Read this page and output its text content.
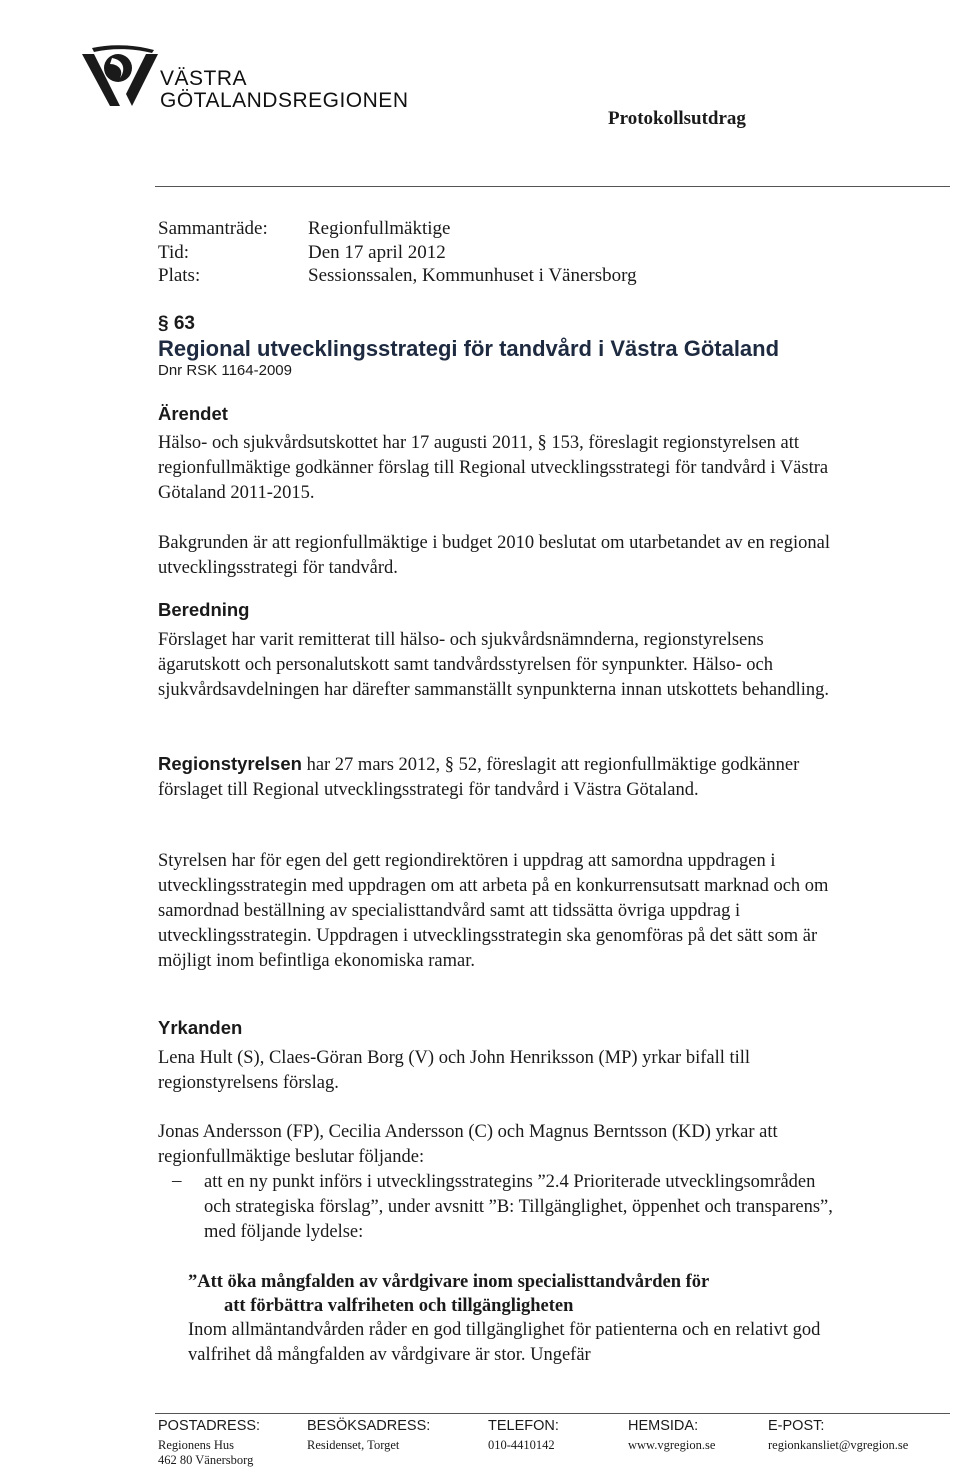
VÄSTRA
GÖTALANDSREGIONEN
Protokollsutdrag
Sammanträde: Regionfullmäktige
Tid:	Den 17 april 2012
Plats:	Sessionssalen, Kommunhuset i Vänersborg
§ 63
Regional utvecklingsstrategi för tandvård i Västra Götaland
Dnr RSK 1164-2009
Ärendet

Hälso- och sjukvårdsutskottet har 17 augusti 2011, § 153, föreslagit regionstyrelsen att regionfullmäktige godkänner förslag till Regional utvecklingsstrategi för tandvård i Västra Götaland 2011-2015.

Bakgrunden är att regionfullmäktige i budget 2010 beslutat om utarbetandet av en regional utvecklingsstrategi för tandvård.

Beredning

Förslaget har varit remitterat till hälso- och sjukvårdsnämnderna, regionstyrelsens ägarutskott och personalutskott samt tandvårdsstyrelsen för synpunkter. Hälso- och sjukvårdsavdelningen har därefter sammanställt synpunkterna innan utskottets behandling.

Regionstyrelsen har 27 mars 2012, § 52, föreslagit att regionfullmäktige godkänner förslaget till Regional utvecklingsstrategi för tandvård i Västra Götaland.

Styrelsen har för egen del gett regiondirektören i uppdrag att samordna uppdragen i utvecklingsstrategin med uppdragen om att arbeta på en konkurrensutsatt marknad och om samordnad beställning av specialisttandvård samt att tidssätta övriga uppdrag i utvecklingsstrategin. Uppdragen i utvecklingsstrategin ska genomföras på det sätt som är möjligt inom befintliga ekonomiska ramar.

Yrkanden

Lena Hult (S), Claes-Göran Borg (V) och John Henriksson (MP) yrkar bifall till regionstyrelsens förslag.

Jonas Andersson (FP), Cecilia Andersson (C) och Magnus Berntsson (KD) yrkar att regionfullmäktige beslutar följande:

– att en ny punkt införs i utvecklingsstrategins ”2.4 Prioriterade utvecklingsområden och strategiska förslag”, under avsnitt ”B: Tillgänglighet, öppenhet och transparens”, med följande lydelse:
”Att öka mångfalden av vårdgivare inom specialisttandvården för
att förbättra valfriheten och tillgängligheten
Inom allmäntandvården råder en god tillgänglighet för patienterna och en relativt god valfrihet då mångfalden av vårdgivare är stor. Ungefär
POSTADRESS:
Regionens Hus
462 80 Vänersborg
BESÖKSADRESS:
Residenset, Torget
TELEFON:
010-4410142
HEMSIDA:
www.vgregion.se
E-POST:
regionkansliet@vgregion.se
